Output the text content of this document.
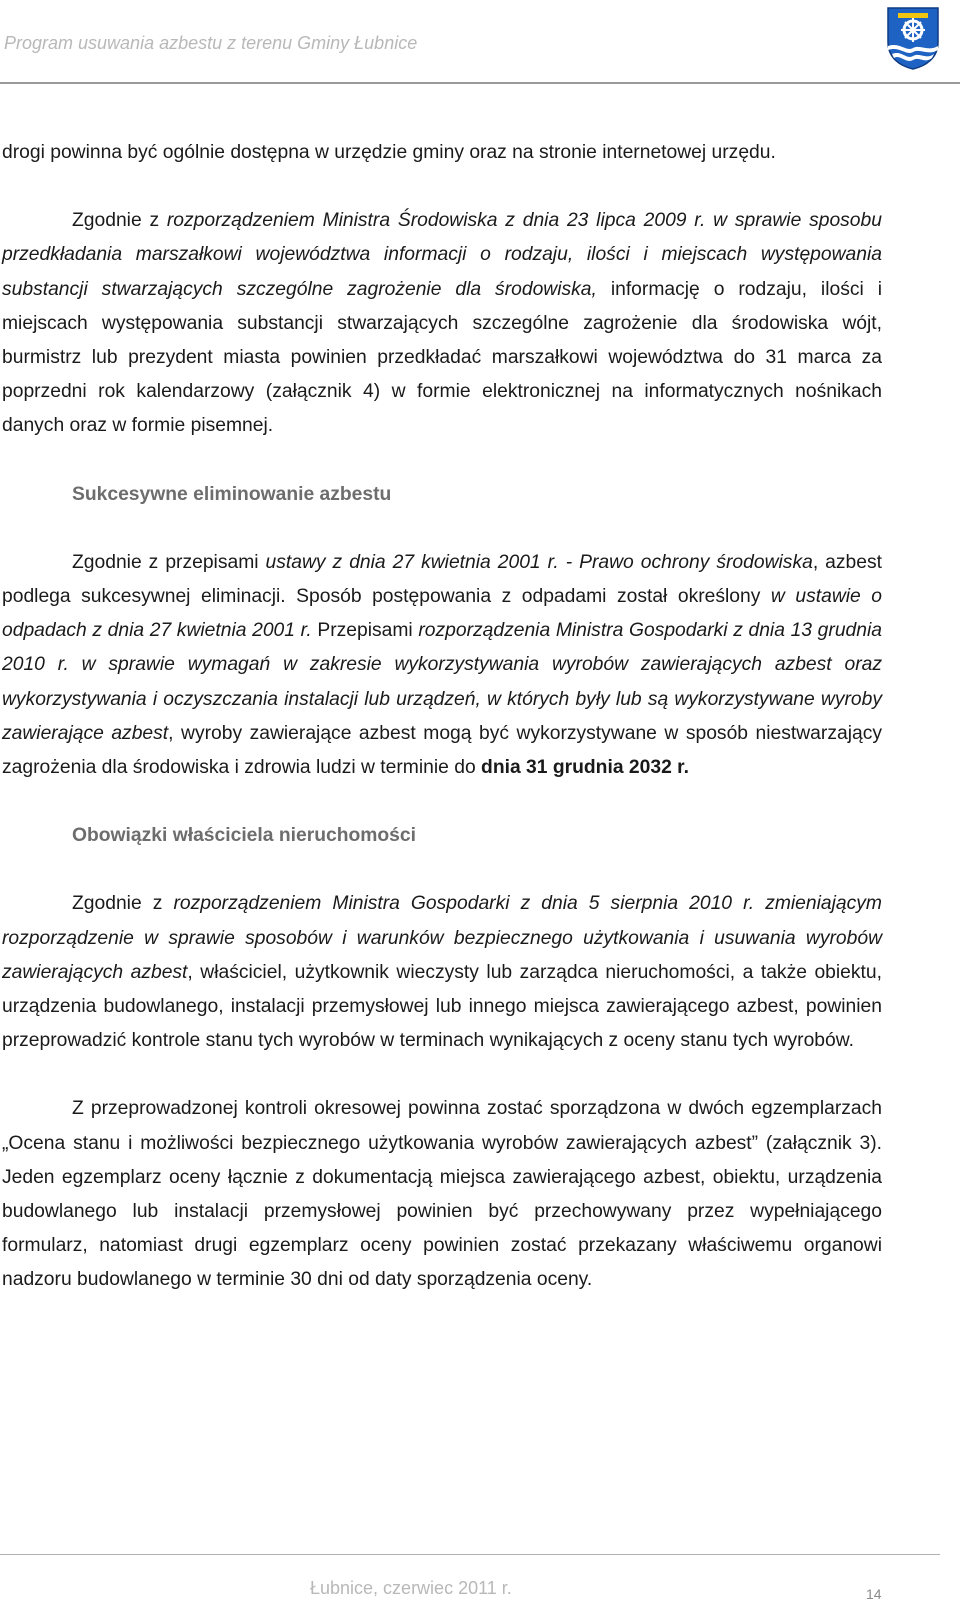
Program usuwania azbestu z terenu Gminy Łubnice

drogi powinna być ogólnie dostępna w urzędzie gminy oraz na stronie internetowej urzędu.

Zgodnie z rozporządzeniem Ministra Środowiska z dnia 23 lipca 2009 r. w sprawie sposobu przedkładania marszałkowi województwa informacji o rodzaju, ilości i miejscach występowania substancji stwarzających szczególne zagrożenie dla środowiska, informację o rodzaju, ilości i miejscach występowania substancji stwarzających szczególne zagrożenie dla środowiska wójt, burmistrz lub prezydent miasta powinien przedkładać marszałkowi województwa do 31 marca za poprzedni rok kalendarzowy (załącznik 4) w formie elektronicznej na informatycznych nośnikach danych oraz w formie pisemnej.

Sukcesywne eliminowanie azbestu

Zgodnie z przepisami ustawy z dnia 27 kwietnia 2001 r. - Prawo ochrony środowiska, azbest podlega sukcesywnej eliminacji. Sposób postępowania z odpadami został określony w ustawie o odpadach z dnia 27 kwietnia 2001 r. Przepisami rozporządzenia Ministra Gospodarki z dnia 13 grudnia 2010 r. w sprawie wymagań w zakresie wykorzystywania wyrobów zawierających azbest oraz wykorzystywania i oczyszczania instalacji lub urządzeń, w których były lub są wykorzystywane wyroby zawierające azbest, wyroby zawierające azbest mogą być wykorzystywane w sposób niestwarzający zagrożenia dla środowiska i zdrowia ludzi w terminie do dnia 31 grudnia 2032 r.

Obowiązki właściciela nieruchomości

Zgodnie z rozporządzeniem Ministra Gospodarki z dnia 5 sierpnia 2010 r. zmieniającym rozporządzenie w sprawie sposobów i warunków bezpiecznego użytkowania i usuwania wyrobów zawierających azbest, właściciel, użytkownik wieczysty lub zarządca nieruchomości, a także obiektu, urządzenia budowlanego, instalacji przemysłowej lub innego miejsca zawierającego azbest, powinien przeprowadzić kontrole stanu tych wyrobów w terminach wynikających z oceny stanu tych wyrobów.

Z przeprowadzonej kontroli okresowej powinna zostać sporządzona w dwóch egzemplarzach „Ocena stanu i możliwości bezpiecznego użytkowania wyrobów zawierających azbest” (załącznik 3). Jeden egzemplarz oceny łącznie z dokumentacją miejsca zawierającego azbest, obiektu, urządzenia budowlanego lub instalacji przemysłowej powinien być przechowywany przez wypełniającego formularz, natomiast drugi egzemplarz oceny powinien zostać przekazany właściwemu organowi nadzoru budowlanego w terminie 30 dni od daty sporządzenia oceny.

Łubnice, czerwiec 2011 r.	14
